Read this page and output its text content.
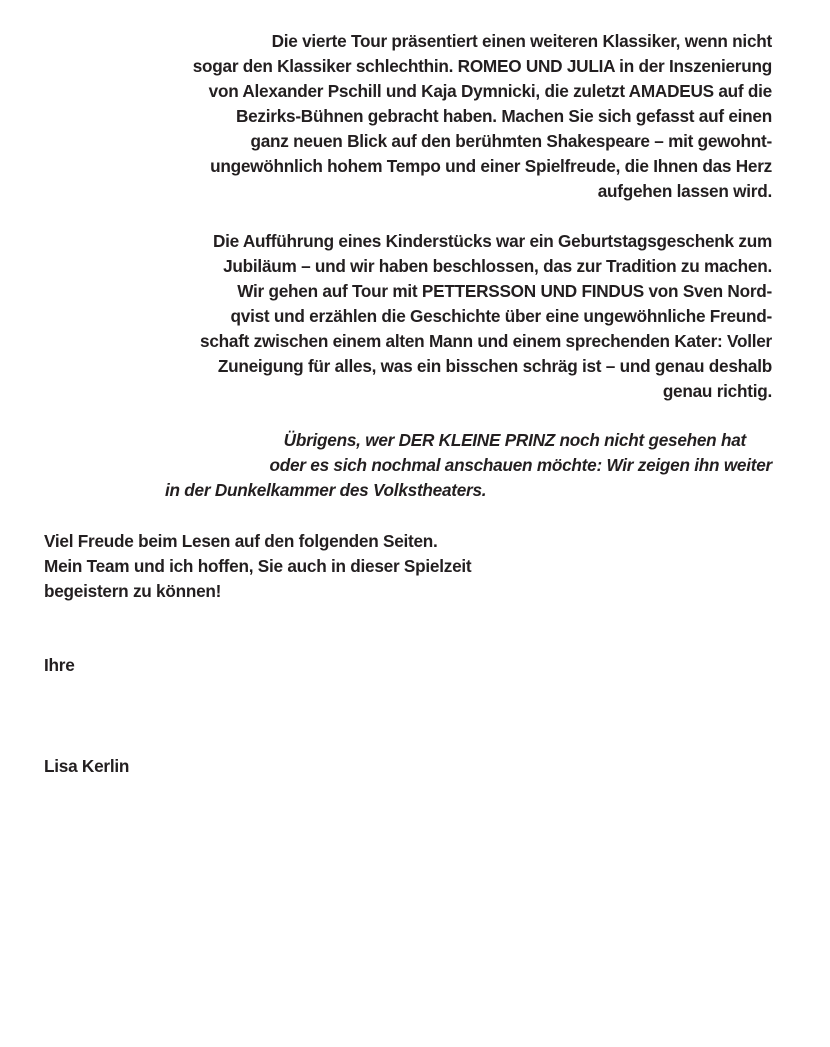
Die vierte Tour präsentiert einen weiteren Klassiker, wenn nicht
sogar den Klassiker schlechthin. ROMEO UND JULIA in der Inszenierung
von Alexander Pschill und Kaja Dymnicki, die zuletzt AMADEUS auf die
Bezirks-Bühnen gebracht haben. Machen Sie sich gefasst auf einen
ganz neuen Blick auf den berühmten Shakespeare – mit gewohnt-
ungewöhnlich hohem Tempo und einer Spielfreude, die Ihnen das Herz
aufgehen lassen wird.
Die Aufführung eines Kinderstücks war ein Geburtstagsgeschenk zum
Jubiläum – und wir haben beschlossen, das zur Tradition zu machen.
Wir gehen auf Tour mit PETTERSSON UND FINDUS von Sven Nord-
qvist und erzählen die Geschichte über eine ungewöhnliche Freund-
schaft zwischen einem alten Mann und einem sprechenden Kater: Voller
Zuneigung für alles, was ein bisschen schräg ist – und genau deshalb
genau richtig.
Übrigens, wer DER KLEINE PRINZ noch nicht gesehen hat
oder es sich nochmal anschauen möchte: Wir zeigen ihn weiter
in der Dunkelkammer des Volkstheaters.
Viel Freude beim Lesen auf den folgenden Seiten.
Mein Team und ich hoffen, Sie auch in dieser Spielzeit
begeistern zu können!
Ihre
Lisa Kerlin
